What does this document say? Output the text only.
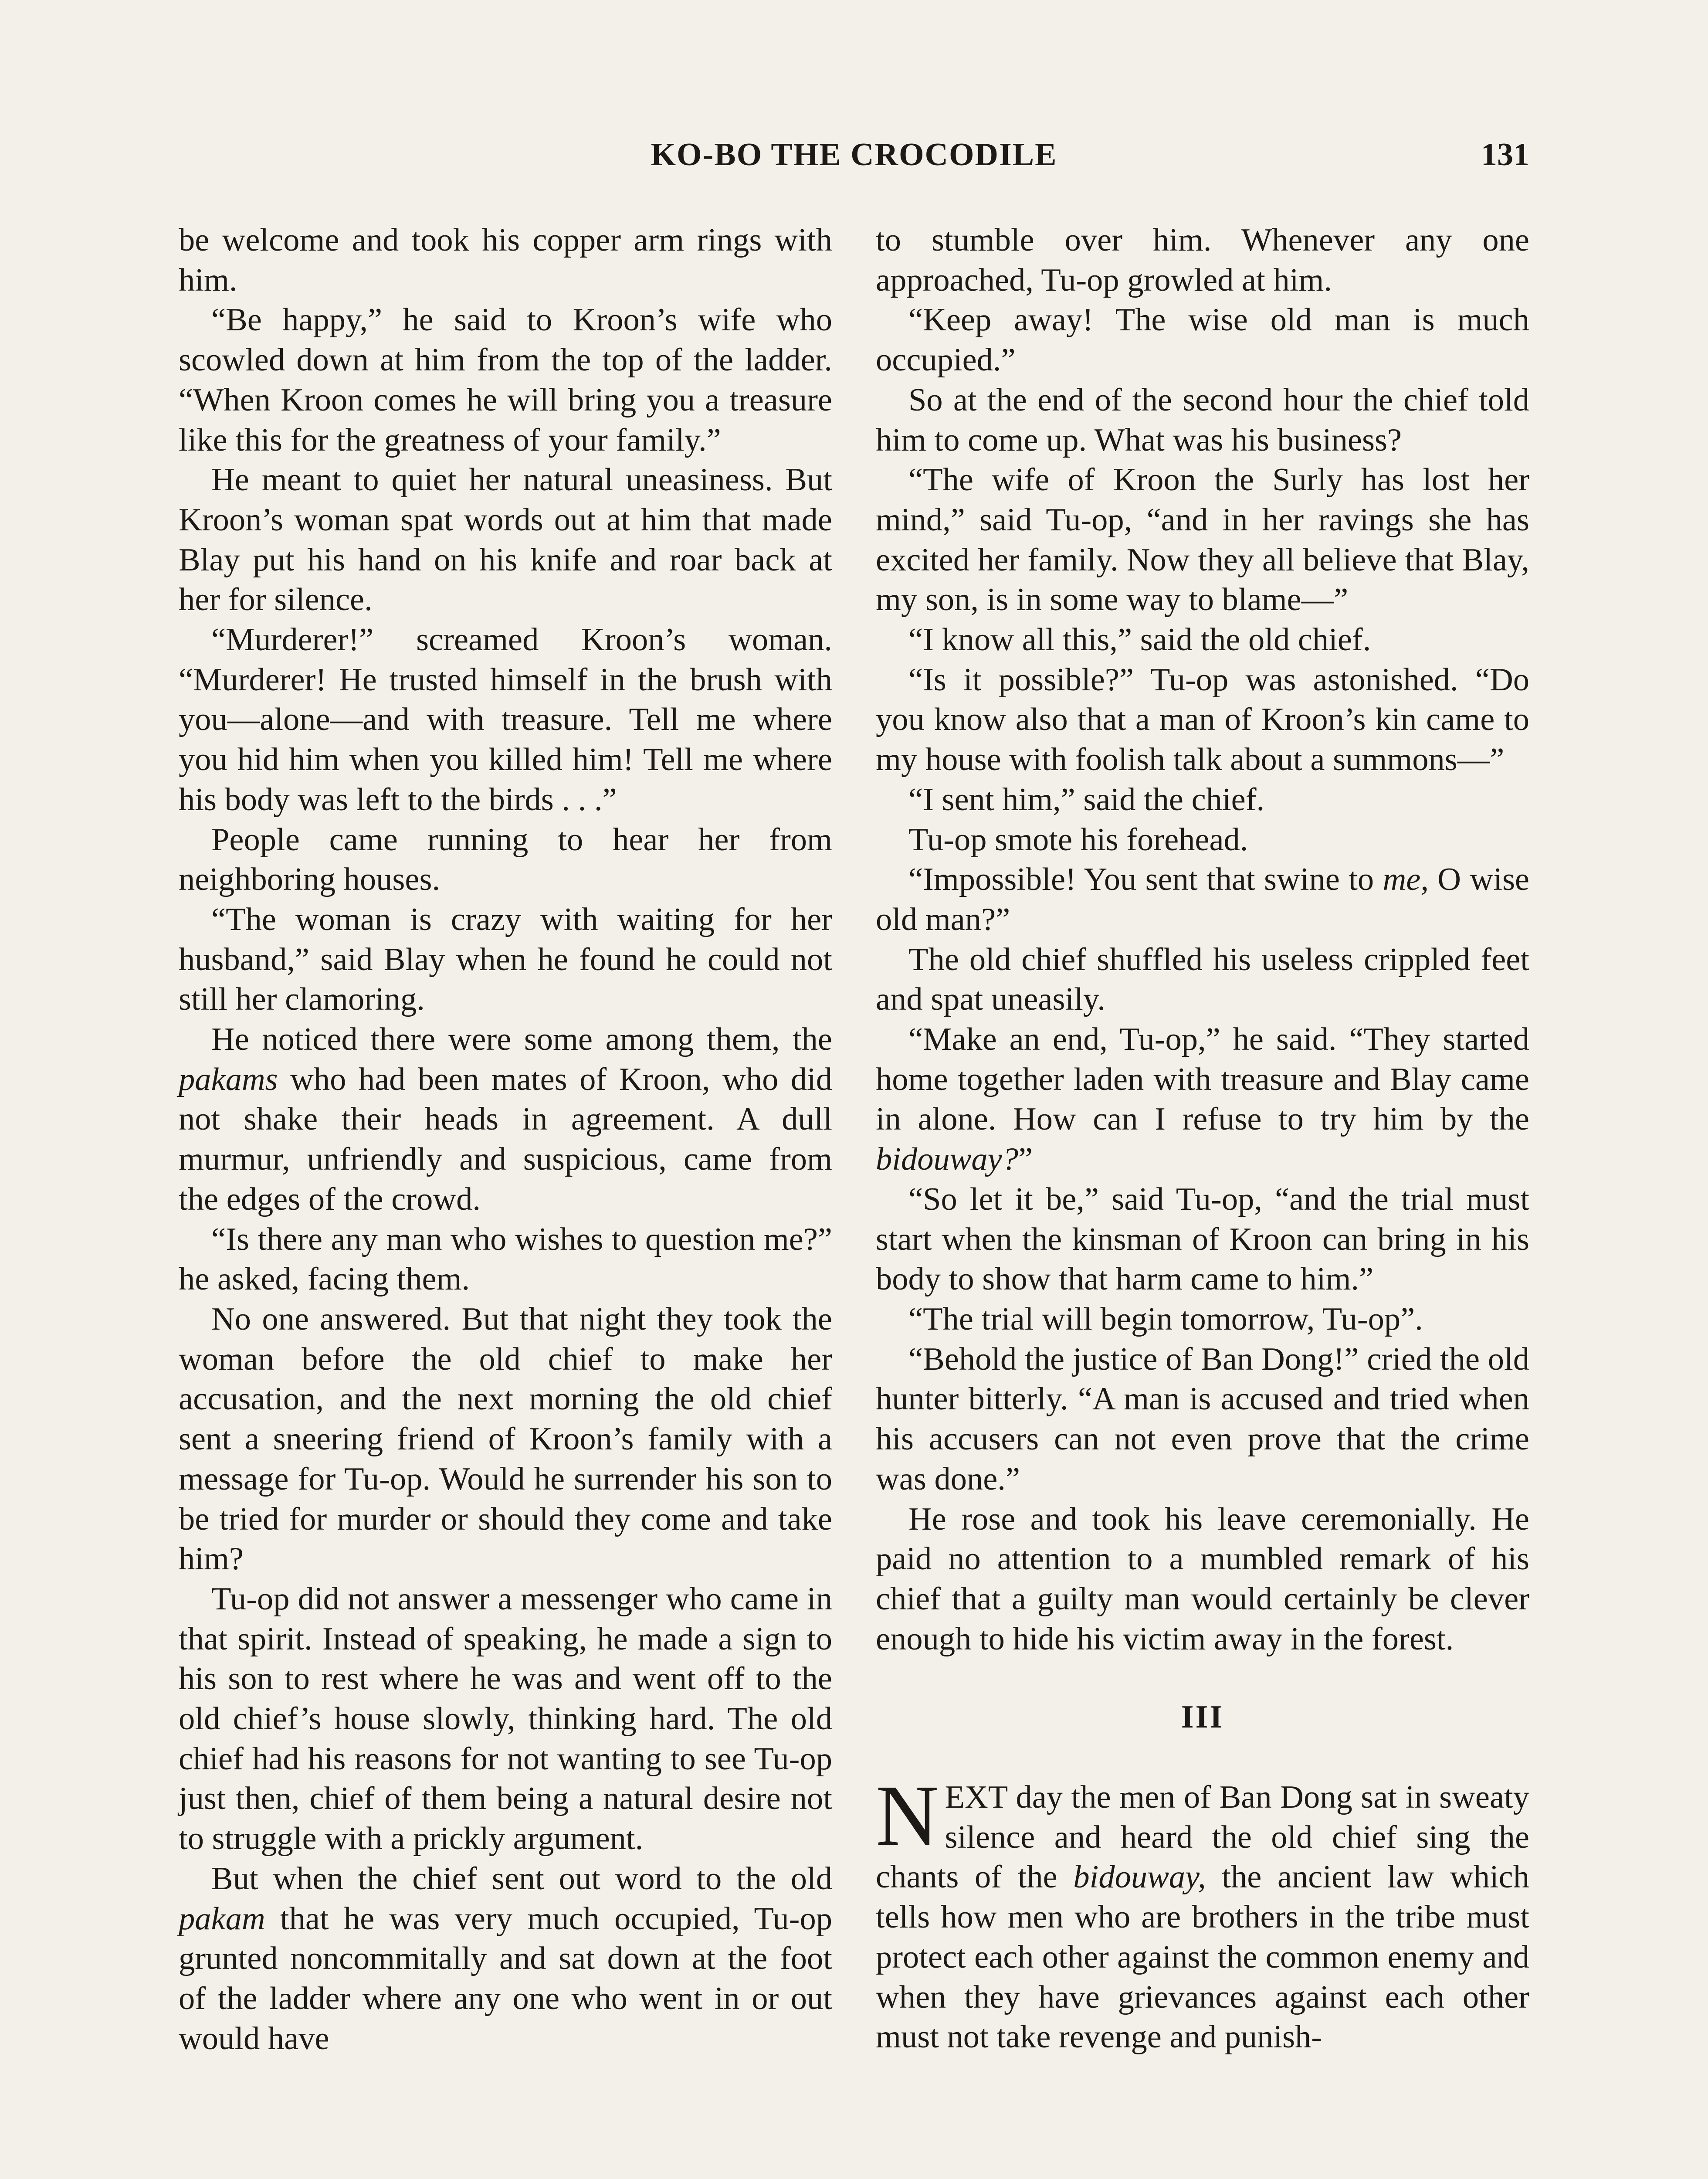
KO-BO THE CROCODILE	131

be welcome and took his copper arm rings with him.

“Be happy,” he said to Kroon’s wife who scowled down at him from the top of the ladder. “When Kroon comes he will bring you a treasure like this for the greatness of your family.”

He meant to quiet her natural uneasiness. But Kroon’s woman spat words out at him that made Blay put his hand on his knife and roar back at her for silence.

“Murderer!” screamed Kroon’s woman. “Murderer! He trusted himself in the brush with you—alone—and with treasure. Tell me where you hid him when you killed him! Tell me where his body was left to the birds . . .”

People came running to hear her from neighboring houses.

“The woman is crazy with waiting for her husband,” said Blay when he found he could not still her clamoring.

He noticed there were some among them, the pakams who had been mates of Kroon, who did not shake their heads in agreement. A dull murmur, unfriendly and suspicious, came from the edges of the crowd.

“Is there any man who wishes to question me?” he asked, facing them.

No one answered. But that night they took the woman before the old chief to make her accusation, and the next morning the old chief sent a sneering friend of Kroon’s family with a message for Tu-op. Would he surrender his son to be tried for murder or should they come and take him?

Tu-op did not answer a messenger who came in that spirit. Instead of speaking, he made a sign to his son to rest where he was and went off to the old chief’s house slowly, thinking hard. The old chief had his reasons for not wanting to see Tu-op just then, chief of them being a natural desire not to struggle with a prickly argument.

But when the chief sent out word to the old pakam that he was very much occupied, Tu-op grunted noncommitally and sat down at the foot of the ladder where any one who went in or out would have

to stumble over him. Whenever any one approached, Tu-op growled at him.

“Keep away! The wise old man is much occupied.”

So at the end of the second hour the chief told him to come up. What was his business?

“The wife of Kroon the Surly has lost her mind,” said Tu-op, “and in her ravings she has excited her family. Now they all believe that Blay, my son, is in some way to blame—”

“I know all this,” said the old chief.

“Is it possible?” Tu-op was astonished. “Do you know also that a man of Kroon’s kin came to my house with foolish talk about a summons—”

“I sent him,” said the chief.

Tu-op smote his forehead.

“Impossible! You sent that swine to me, O wise old man?”

The old chief shuffled his useless crippled feet and spat uneasily.

“Make an end, Tu-op,” he said. “They started home together laden with treasure and Blay came in alone. How can I refuse to try him by the bidouway?”

“So let it be,” said Tu-op, “and the trial must start when the kinsman of Kroon can bring in his body to show that harm came to him.”

“The trial will begin tomorrow, Tu-op”.

“Behold the justice of Ban Dong!” cried the old hunter bitterly. “A man is accused and tried when his accusers can not even prove that the crime was done.”

He rose and took his leave ceremonially. He paid no attention to a mumbled remark of his chief that a guilty man would certainly be clever enough to hide his victim away in the forest.

III

NEXT day the men of Ban Dong sat in sweaty silence and heard the old chief sing the chants of the bidouway, the ancient law which tells how men who are brothers in the tribe must protect each other against the common enemy and when they have grievances against each other must not take revenge and punish-
